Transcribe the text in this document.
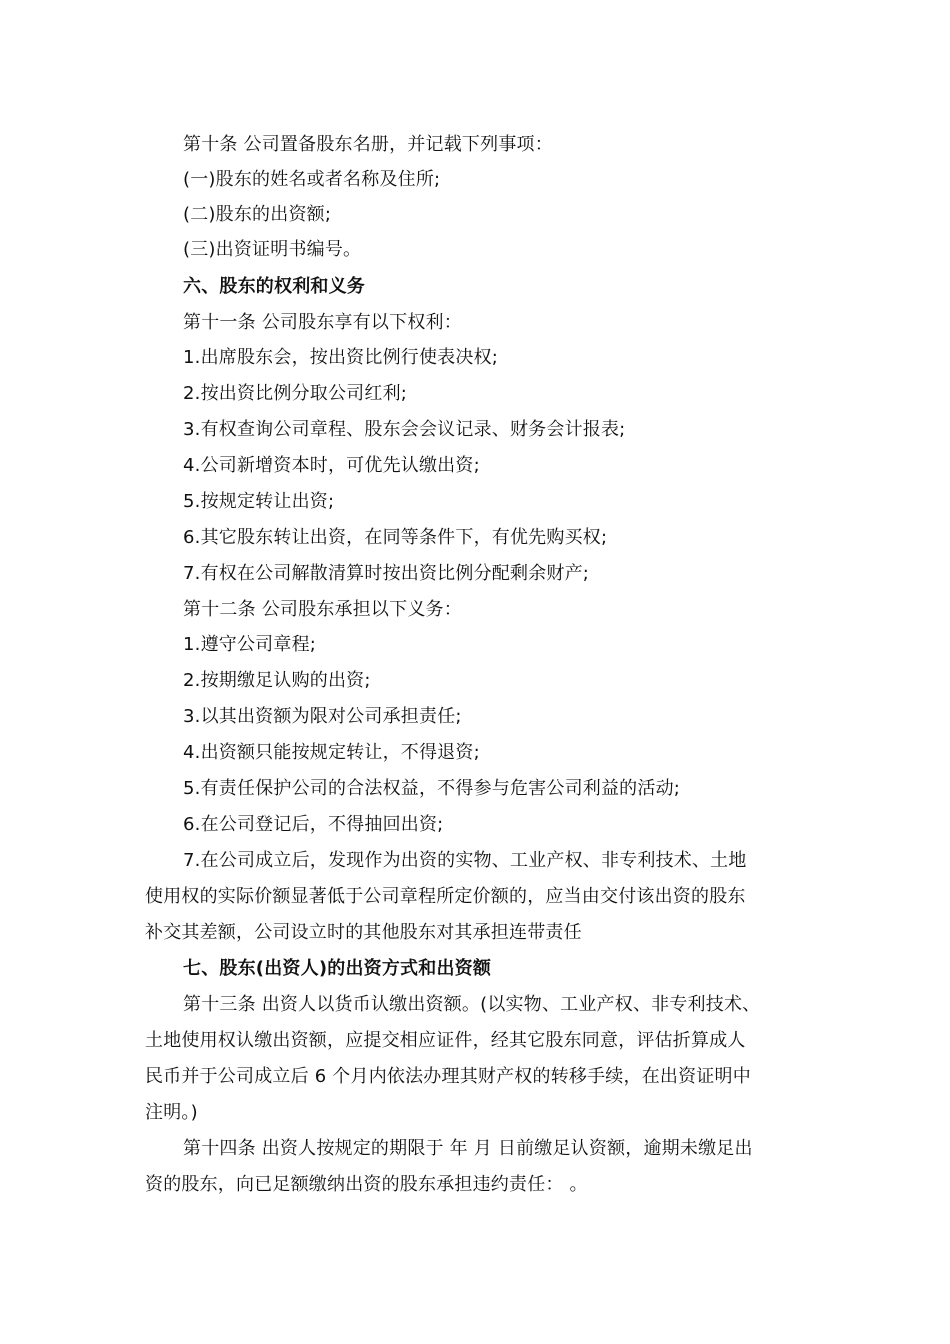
第十条 公司置备股东名册，并记载下列事项：
(一)股东的姓名或者名称及住所;
(二)股东的出资额;
(三)出资证明书编号。
六、股东的权利和义务
第十一条 公司股东享有以下权利：
1.出席股东会，按出资比例行使表决权;
2.按出资比例分取公司红利;
3.有权查询公司章程、股东会会议记录、财务会计报表;
4.公司新增资本时，可优先认缴出资;
5.按规定转让出资;
6.其它股东转让出资，在同等条件下，有优先购买权;
7.有权在公司解散清算时按出资比例分配剩余财产;
第十二条 公司股东承担以下义务：
1.遵守公司章程;
2.按期缴足认购的出资;
3.以其出资额为限对公司承担责任;
4.出资额只能按规定转让，不得退资;
5.有责任保护公司的合法权益，不得参与危害公司利益的活动;
6.在公司登记后，不得抽回出资;
7.在公司成立后，发现作为出资的实物、工业产权、非专利技术、土地
使用权的实际价额显著低于公司章程所定价额的，应当由交付该出资的股东
补交其差额，公司设立时的其他股东对其承担连带责任
七、股东(出资人)的出资方式和出资额
第十三条 出资人以货币认缴出资额。(以实物、工业产权、非专利技术、
土地使用权认缴出资额，应提交相应证件，经其它股东同意，评估折算成人
民币并于公司成立后 6 个月内依法办理其财产权的转移手续，在出资证明中
注明。)
第十四条 出资人按规定的期限于 年 月 日前缴足认资额，逾期未缴足出
资的股东，向已足额缴纳出资的股东承担违约责任： 。
